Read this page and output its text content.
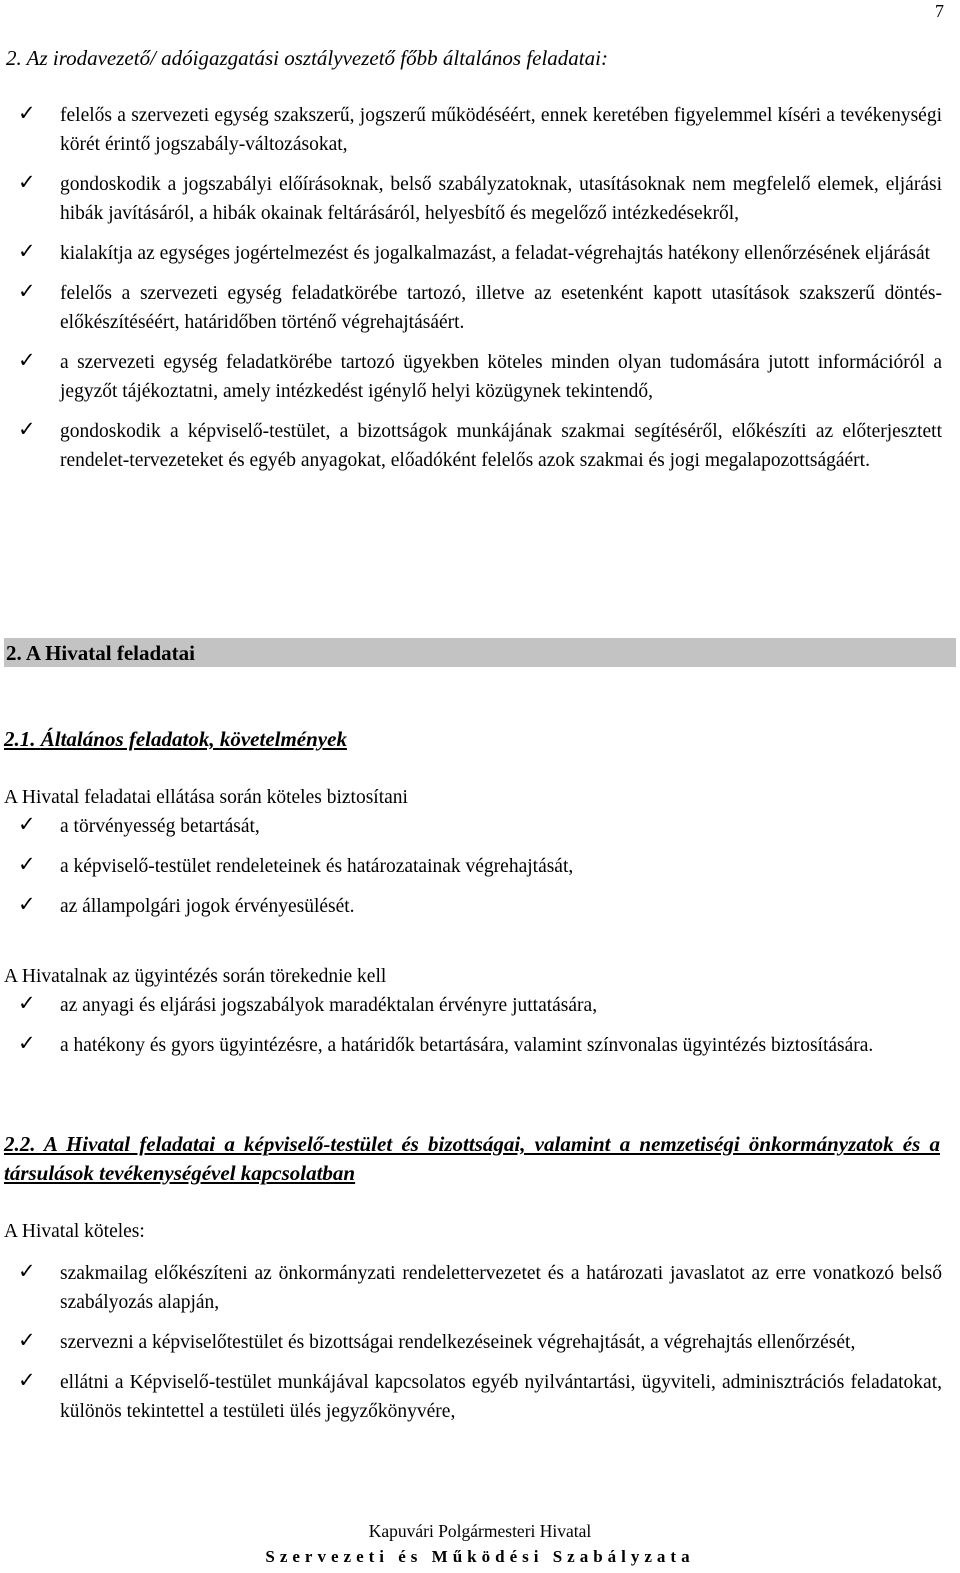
7
2. Az irodavezető/ adóigazgatási osztályvezető főbb általános feladatai:
✓ felelős a szervezeti egység szakszerű, jogszerű működéséért, ennek keretében figyelemmel kíséri a tevékenységi körét érintő jogszabály-változásokat,
✓ gondoskodik a jogszabályi előírásoknak, belső szabályzatoknak, utasításoknak nem megfelelő elemek, eljárási hibák javításáról, a hibák okainak feltárásáról, helyesbítő és megelőző intézkedésekről,
✓ kialakítja az egységes jogértelmezést és jogalkalmazást, a feladat-végrehajtás hatékony ellenőrzésének eljárását
✓ felelős a szervezeti egység feladatkörébe tartozó, illetve az esetenként kapott utasítások szakszerű döntés-előkészítéséért, határidőben történő végrehajtásáért.
✓ a szervezeti egység feladatkörébe tartozó ügyekben köteles minden olyan tudomására jutott információról a jegyzőt tájékoztatni, amely intézkedést igénylő helyi közügynek tekintendő,
✓ gondoskodik a képviselő-testület, a bizottságok munkájának szakmai segítéséről, előkészíti az előterjesztett rendelet-tervezeteket és egyéb anyagokat, előadóként felelős azok szakmai és jogi megalapozottságáért.
2. A Hivatal feladatai
2.1. Általános feladatok, követelmények
A Hivatal feladatai ellátása során köteles biztosítani
✓ a törvényesség betartását,
✓ a képviselő-testület rendeleteinek és határozatainak végrehajtását,
✓ az állampolgári jogok érvényesülését.
A Hivatalnak az ügyintézés során törekednie kell
✓ az anyagi és eljárási jogszabályok maradéktalan érvényre juttatására,
✓ a hatékony és gyors ügyintézésre, a határidők betartására, valamint színvonalas ügyintézés biztosítására.
2.2. A Hivatal feladatai a képviselő-testület és bizottságai, valamint a nemzetiségi önkormányzatok és a társulások tevékenységével kapcsolatban
A Hivatal köteles:
✓ szakmailag előkészíteni az önkormányzati rendelettervezetet és a határozati javaslatot az erre vonatkozó belső szabályozás alapján,
✓ szervezni a képviselőtestület és bizottságai rendelkezéseinek végrehajtását, a végrehajtás ellenőrzését,
✓ ellátni a Képviselő-testület munkájával kapcsolatos egyéb nyilvántartási, ügyviteli, adminisztrációs feladatokat, különös tekintettel a testületi ülés jegyzőkönyvére,
Kapuvári Polgármesteri Hivatal
Szervezeti és Működési Szabályzata
